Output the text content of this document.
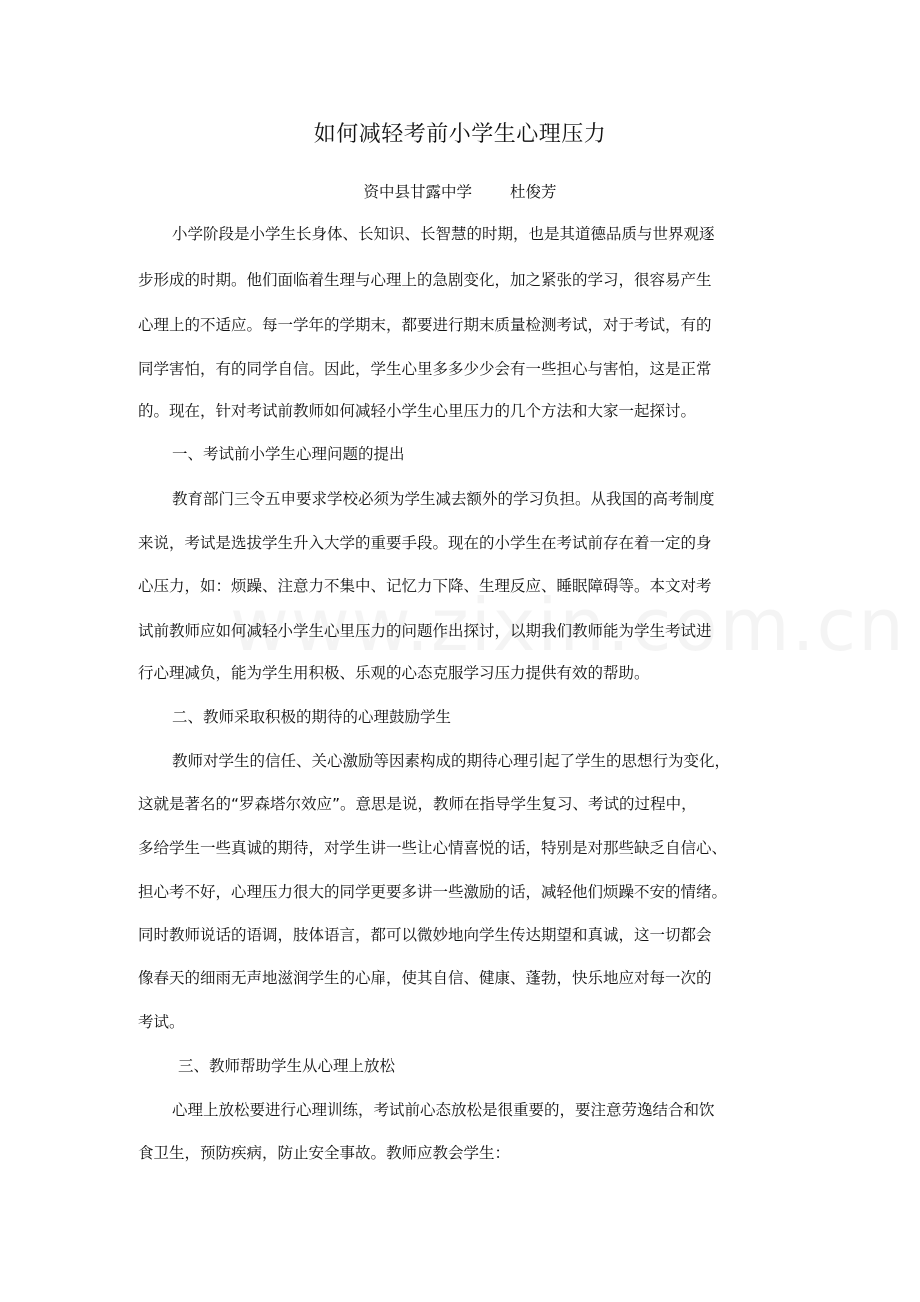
如何减轻考前小学生心理压力
资中县甘露中学 杜俊芳
小学阶段是小学生长身体、长知识、长智慧的时期，也是其道德品质与世界观逐
步形成的时期。他们面临着生理与心理上的急剧变化，加之紧张的学习，很容易产生
心理上的不适应。每一学年的学期末，都要进行期末质量检测考试，对于考试，有的
同学害怕，有的同学自信。因此，学生心里多多少少会有一些担心与害怕，这是正常
的。现在，针对考试前教师如何减轻小学生心里压力的几个方法和大家一起探讨。
一、考试前小学生心理问题的提出
教育部门三令五申要求学校必须为学生减去额外的学习负担。从我国的高考制度
来说，考试是选拔学生升入大学的重要手段。现在的小学生在考试前存在着一定的身
心压力，如：烦躁、注意力不集中、记忆力下降、生理反应、睡眠障碍等。本文对考
试前教师应如何减轻小学生心里压力的问题作出探讨，以期我们教师能为学生考试进
行心理减负，能为学生用积极、乐观的心态克服学习压力提供有效的帮助。
二、教师采取积极的期待的心理鼓励学生
教师对学生的信任、关心激励等因素构成的期待心理引起了学生的思想行为变化，
这就是著名的“罗森塔尔效应”。意思是说，教师在指导学生复习、考试的过程中，
多给学生一些真诚的期待，对学生讲一些让心情喜悦的话，特别是对那些缺乏自信心、
担心考不好，心理压力很大的同学更要多讲一些激励的话，减轻他们烦躁不安的情绪。
同时教师说话的语调，肢体语言，都可以微妙地向学生传达期望和真诚，这一切都会
像春天的细雨无声地滋润学生的心扉，使其自信、健康、蓬勃，快乐地应对每一次的
考试。
三、教师帮助学生从心理上放松
心理上放松要进行心理训练，考试前心态放松是很重要的，要注意劳逸结合和饮
食卫生，预防疾病，防止安全事故。教师应教会学生：
